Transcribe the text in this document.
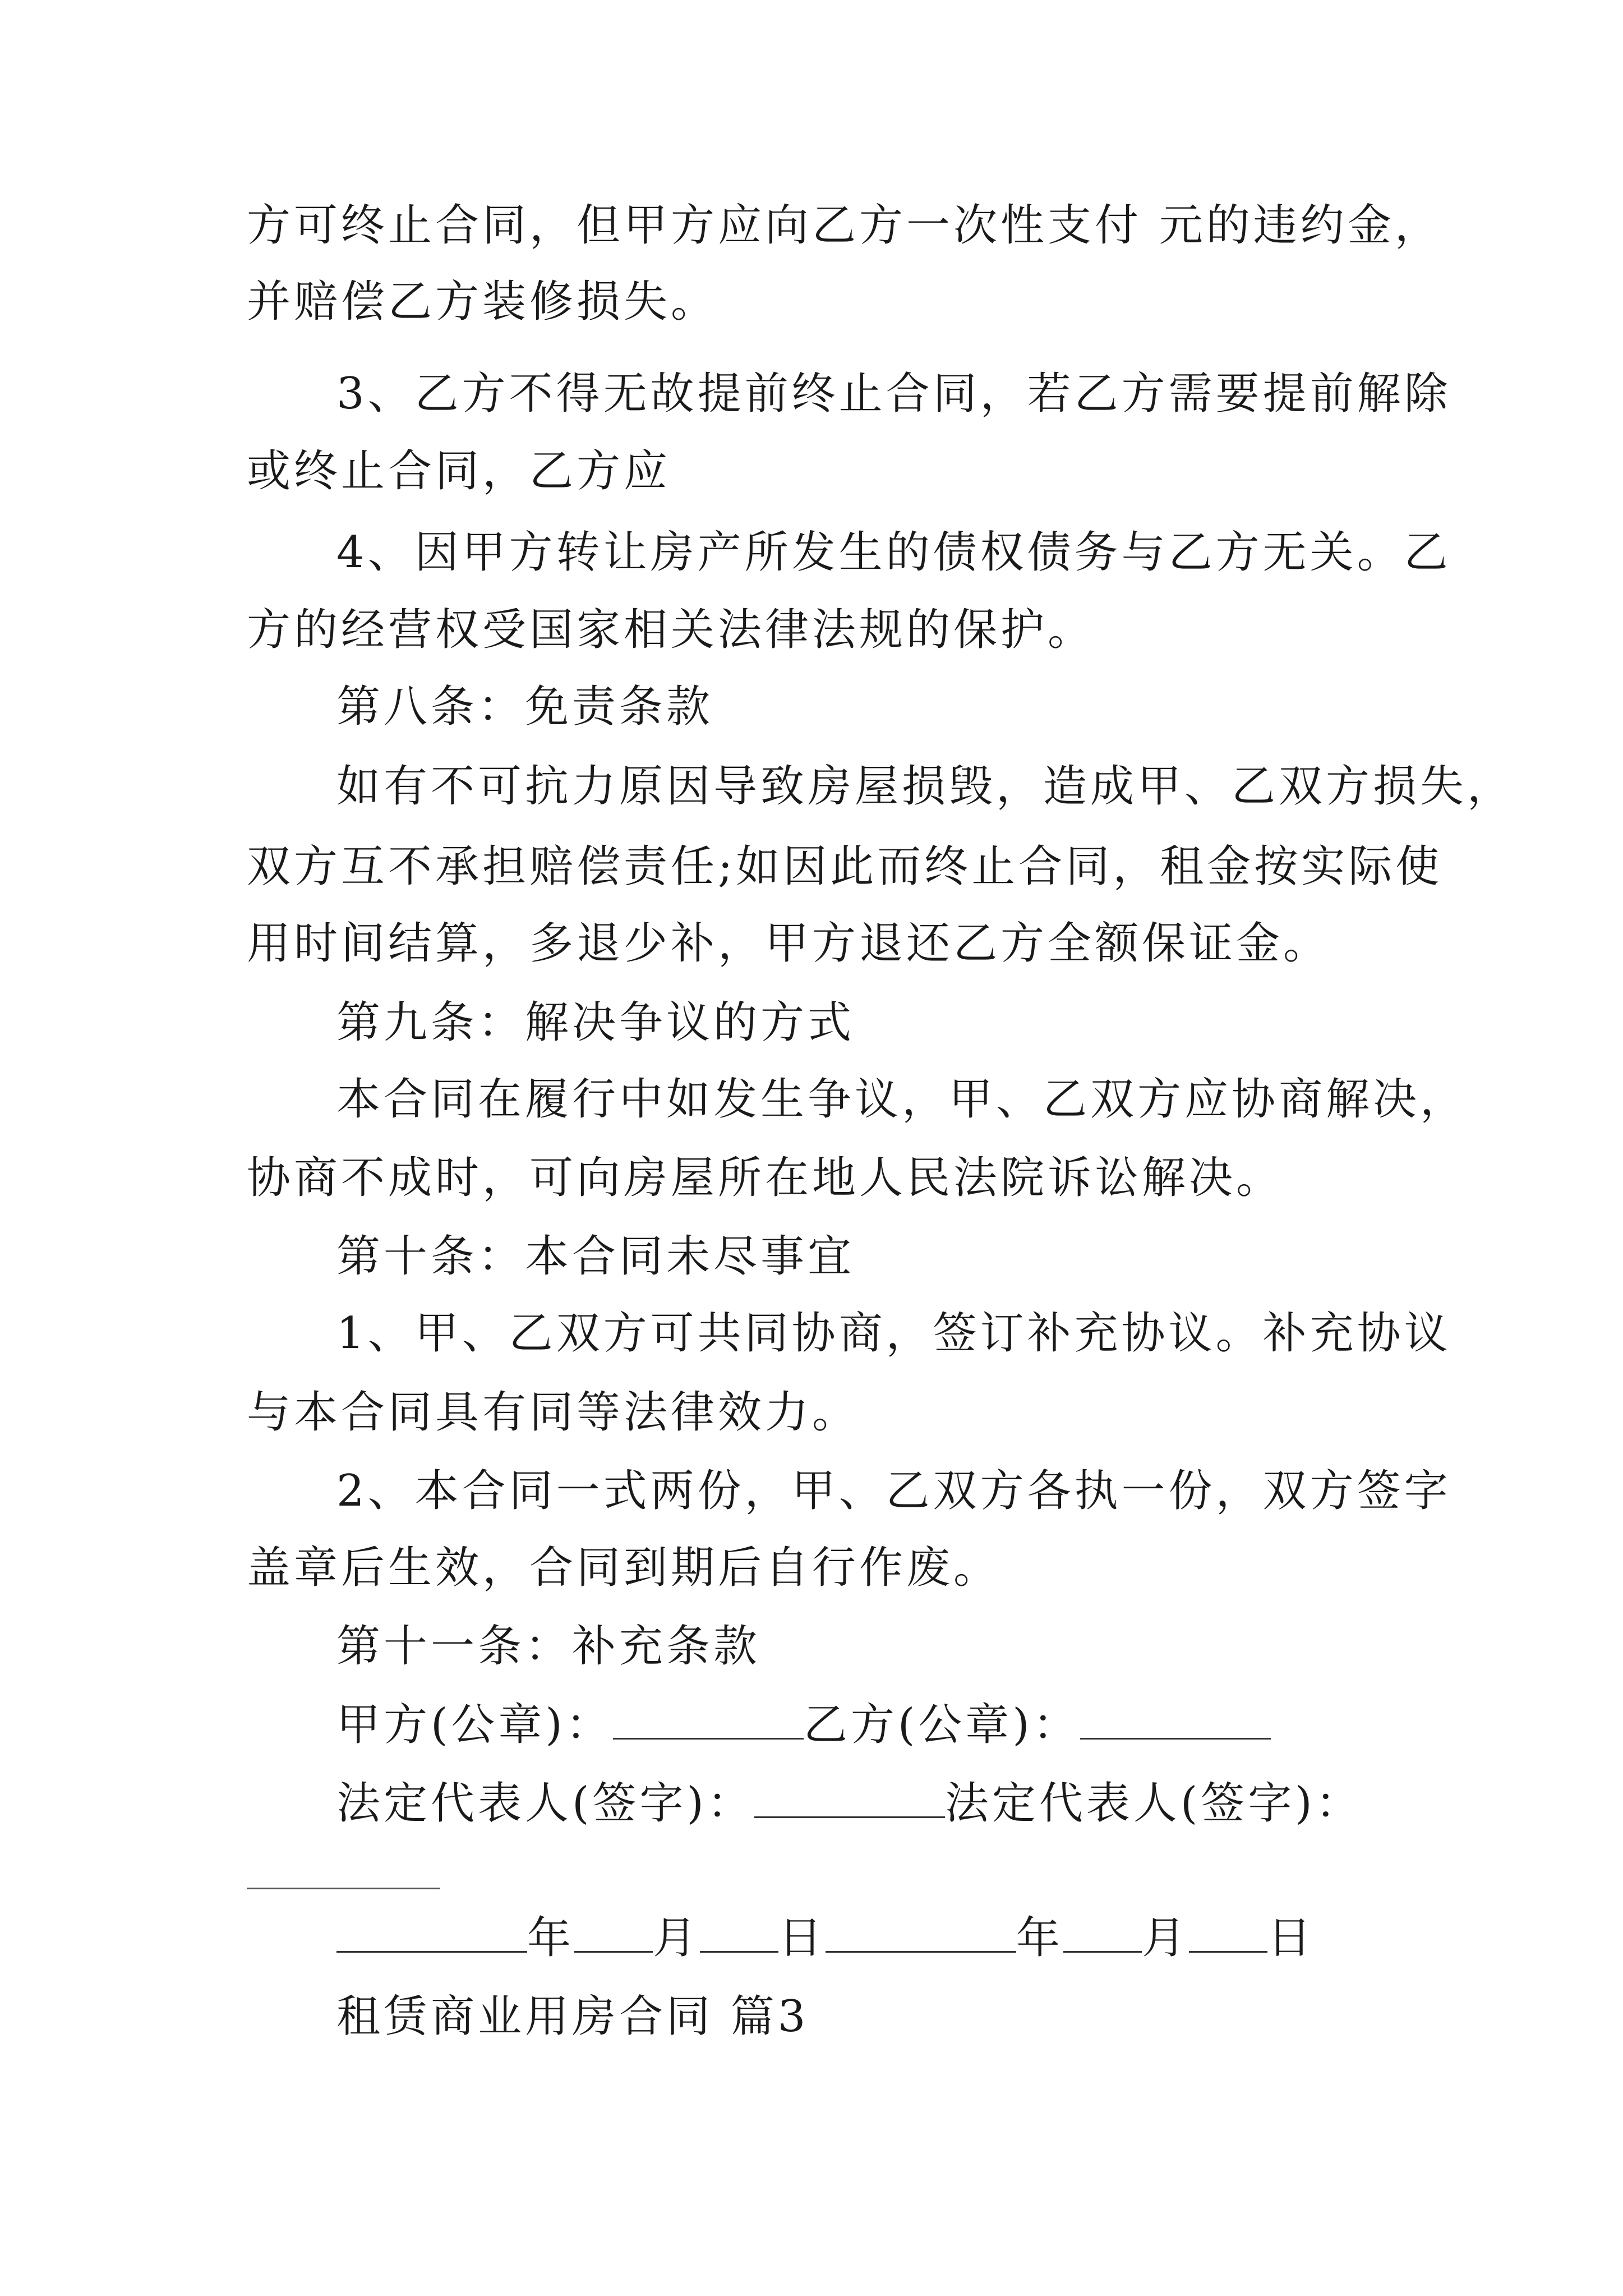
方可终止合同，但甲方应向乙方一次性支付 元的违约金，
并赔偿乙方装修损失。
3、乙方不得无故提前终止合同，若乙方需要提前解除
或终止合同，乙方应
4、因甲方转让房产所发生的债权债务与乙方无关。乙
方的经营权受国家相关法律法规的保护。
第八条：免责条款
如有不可抗力原因导致房屋损毁，造成甲、乙双方损失，
双方互不承担赔偿责任;如因此而终止合同，租金按实际使
用时间结算，多退少补，甲方退还乙方全额保证金。
第九条：解决争议的方式
本合同在履行中如发生争议，甲、乙双方应协商解决，
协商不成时，可向房屋所在地人民法院诉讼解决。
第十条：本合同未尽事宜
1、甲、乙双方可共同协商，签订补充协议。补充协议
与本合同具有同等法律效力。
2、本合同一式两份，甲、乙双方各执一份，双方签字
盖章后生效，合同到期后自行作废。
第十一条：补充条款
甲方(公章)：	乙方(公章)：
法定代表人(签字)：	法定代表人(签字)：
年 月 日	年 月 日
租赁商业用房合同 篇3
